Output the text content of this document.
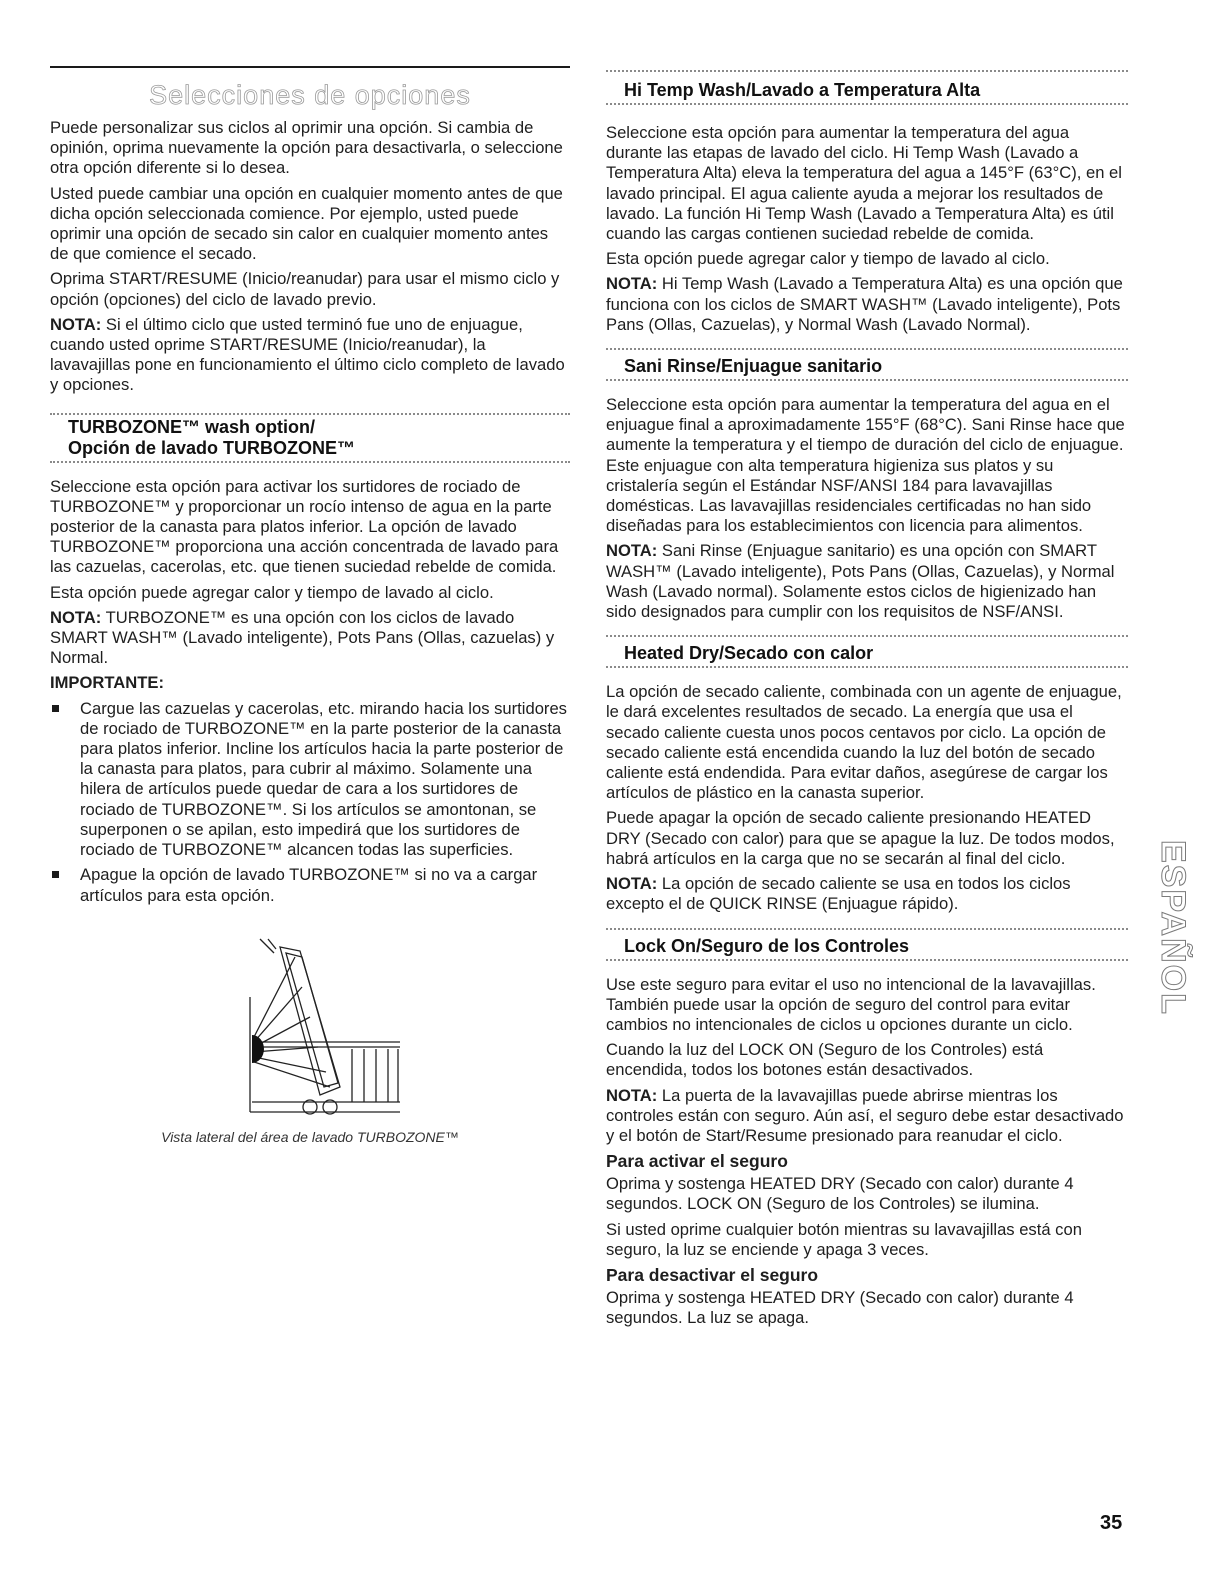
Selecciones de opciones

Puede personalizar sus ciclos al oprimir una opción. Si cambia de opinión, oprima nuevamente la opción para desactivarla, o seleccione otra opción diferente si lo desea.

Usted puede cambiar una opción en cualquier momento antes de que dicha opción seleccionada comience. Por ejemplo, usted puede oprimir una opción de secado sin calor en cualquier momento antes de que comience el secado.

Oprima START/RESUME (Inicio/reanudar) para usar el mismo ciclo y opción (opciones) del ciclo de lavado previo.

NOTA: Si el último ciclo que usted terminó fue uno de enjuague, cuando usted oprime START/RESUME (Inicio/reanudar), la lavavajillas pone en funcionamiento el último ciclo completo de lavado y opciones.

TURBOZONE™ wash option/
Opción de lavado TURBOZONE™

Seleccione esta opción para activar los surtidores de rociado de TURBOZONE™ y proporcionar un rocío intenso de agua en la parte posterior de la canasta para platos inferior. La opción de lavado TURBOZONE™ proporciona una acción concentrada de lavado para las cazuelas, cacerolas, etc. que tienen suciedad rebelde de comida.

Esta opción puede agregar calor y tiempo de lavado al ciclo.

NOTA: TURBOZONE™ es una opción con los ciclos de lavado SMART WASH™ (Lavado inteligente), Pots Pans (Ollas, cazuelas) y Normal.

IMPORTANTE:

Cargue las cazuelas y cacerolas, etc. mirando hacia los surtidores de rociado de TURBOZONE™ en la parte posterior de la canasta para platos inferior. Incline los artículos hacia la parte posterior de la canasta para platos, para cubrir al máximo. Solamente una hilera de artículos puede quedar de cara a los surtidores de rociado de TURBOZONE™. Si los artículos se amontonan, se superponen o se apilan, esto impedirá que los surtidores de rociado de TURBOZONE™ alcancen todas las superficies.

Apague la opción de lavado TURBOZONE™ si no va a cargar artículos para esta opción.

Vista lateral del área de lavado TURBOZONE™
Hi Temp Wash/Lavado a Temperatura Alta

Seleccione esta opción para aumentar la temperatura del agua durante las etapas de lavado del ciclo. Hi Temp Wash (Lavado a Temperatura Alta) eleva la temperatura del agua a 145°F (63°C), en el lavado principal. El agua caliente ayuda a mejorar los resultados de lavado. La función Hi Temp Wash (Lavado a Temperatura Alta) es útil cuando las cargas contienen suciedad rebelde de comida.

Esta opción puede agregar calor y tiempo de lavado al ciclo.

NOTA: Hi Temp Wash (Lavado a Temperatura Alta) es una opción que funciona con los ciclos de SMART WASH™ (Lavado inteligente), Pots Pans (Ollas, Cazuelas), y Normal Wash (Lavado Normal).

Sani Rinse/Enjuague sanitario

Seleccione esta opción para aumentar la temperatura del agua en el enjuague final a aproximadamente 155°F (68°C). Sani Rinse hace que aumente la temperatura y el tiempo de duración del ciclo de enjuague. Este enjuague con alta temperatura higieniza sus platos y su cristalería según el Estándar NSF/ANSI 184 para lavavajillas domésticas. Las lavavajillas residenciales certificadas no han sido diseñadas para los establecimientos con licencia para alimentos.

NOTA: Sani Rinse (Enjuague sanitario) es una opción con SMART WASH™ (Lavado inteligente), Pots Pans (Ollas, Cazuelas), y Normal Wash (Lavado normal). Solamente estos ciclos de higienizado han sido designados para cumplir con los requisitos de NSF/ANSI.

Heated Dry/Secado con calor

La opción de secado caliente, combinada con un agente de enjuague, le dará excelentes resultados de secado. La energía que usa el secado caliente cuesta unos pocos centavos por ciclo. La opción de secado caliente está encendida cuando la luz del botón de secado caliente está endendida. Para evitar daños, asegúrese de cargar los artículos de plástico en la canasta superior.

Puede apagar la opción de secado caliente presionando HEATED DRY (Secado con calor) para que se apague la luz. De todos modos, habrá artículos en la carga que no se secarán al final del ciclo.

NOTA: La opción de secado caliente se usa en todos los ciclos excepto el de QUICK RINSE (Enjuague rápido).

Lock On/Seguro de los Controles

Use este seguro para evitar el uso no intencional de la lavavajillas. También puede usar la opción de seguro del control para evitar cambios no intencionales de ciclos u opciones durante un ciclo.

Cuando la luz del LOCK ON (Seguro de los Controles) está encendida, todos los botones están desactivados.

NOTA: La puerta de la lavavajillas puede abrirse mientras los controles están con seguro. Aún así, el seguro debe estar desactivado y el botón de Start/Resume presionado para reanudar el ciclo.

Para activar el seguro

Oprima y sostenga HEATED DRY (Secado con calor) durante 4 segundos. LOCK ON (Seguro de los Controles) se ilumina.

Si usted oprime cualquier botón mientras su lavavajillas está con seguro, la luz se enciende y apaga 3 veces.

Para desactivar el seguro

Oprima y sostenga HEATED DRY (Secado con calor) durante 4 segundos. La luz se apaga.

ESPAÑOL
35
